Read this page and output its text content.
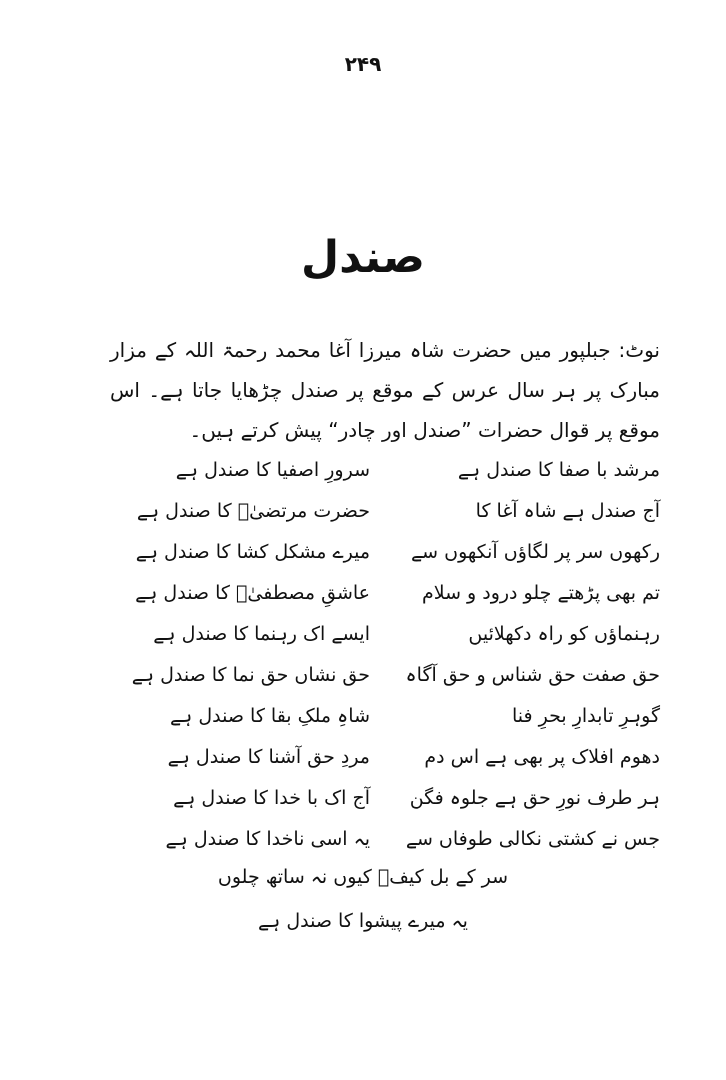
۲۴۹
صندل
نوٹ: جبلپور میں حضرت شاہ میرزا آغا محمد رحمۃ اللہ کے مزار مبارک پر ہر سال عرس کے موقع پر صندل چڑھایا جاتا ہے۔ اس موقع پر قوال حضرات ”صندل اور چادر“ پیش کرتے ہیں۔
مرشد با صفا کا صندل ہے
سرورِ اصفیا کا صندل ہے
آج صندل ہے شاہ آغا کا
حضرت مرتضیٰؒ کا صندل ہے
رکھوں سر پر لگاؤں آنکھوں سے
میرے مشکل کشا کا صندل ہے
تم بھی پڑھتے چلو درود و سلام
عاشقِ مصطفیٰؐ کا صندل ہے
رہنماؤں کو راہ دکھلائیں
ایسے اک رہنما کا صندل ہے
حق صفت حق شناس و حق آگاہ
حق نشاں حق نما کا صندل ہے
گوہرِ تابدارِ بحرِ فنا
شاہِ ملکِ بقا کا صندل ہے
دھوم افلاک پر بھی ہے اس دم
مردِ حق آشنا کا صندل ہے
ہر طرف نورِ حق ہے جلوہ فگن
آج اک با خدا کا صندل ہے
جس نے کشتی نکالی طوفاں سے
یہ اسی ناخدا کا صندل ہے
سر کے بل کیفؔ کیوں نہ ساتھ چلوں
یہ میرے پیشوا کا صندل ہے
